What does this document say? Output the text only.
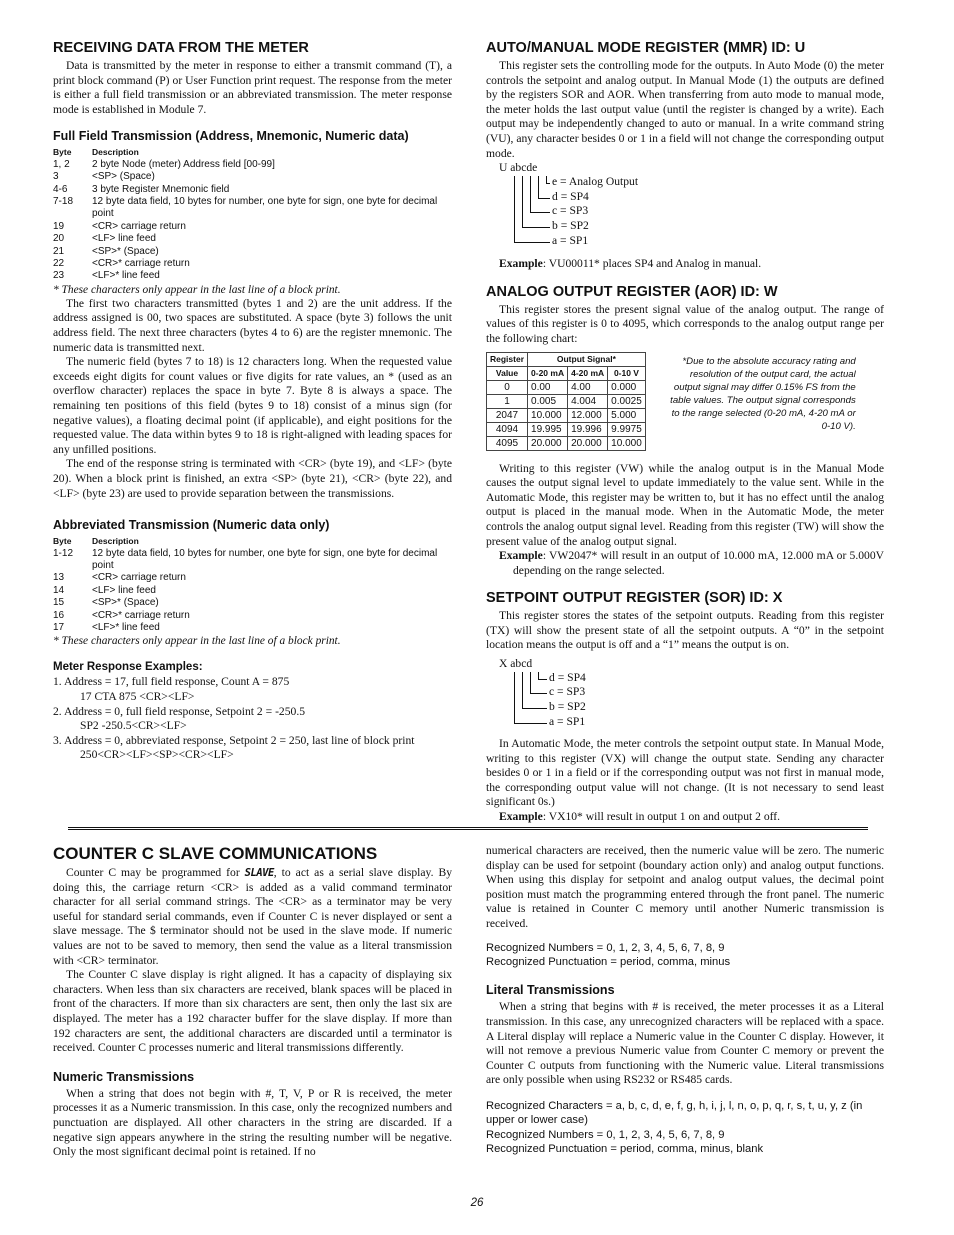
RECEIVING DATA FROM THE METER

Data is transmitted by the meter in response to either a transmit command (T), a print block command (P) or User Function print request. The response from the meter is either a full field transmission or an abbreviated transmission. The meter response mode is established in Module 7.

Full Field Transmission (Address, Mnemonic, Numeric data)
Byte	Description
1, 2	2 byte Node (meter) Address field [00-99]
3	<SP> (Space)
4-6	3 byte Register Mnemonic field
7-18	12 byte data field, 10 bytes for number, one byte for sign, one byte for decimal point
19	<CR> carriage return
20	<LF> line feed
21	<SP>* (Space)
22	<CR>* carriage return
23	<LF>* line feed

* These characters only appear in the last line of a block print.

The first two characters transmitted (bytes 1 and 2) are the unit address. If the address assigned is 00, two spaces are substituted. A space (byte 3) follows the unit address field. The next three characters (bytes 4 to 6) are the register mnemonic. The numeric data is transmitted next.

The numeric field (bytes 7 to 18) is 12 characters long. When the requested value exceeds eight digits for count values or five digits for rate values, an * (used as an overflow character) replaces the space in byte 7. Byte 8 is always a space. The remaining ten positions of this field (bytes 9 to 18) consist of a minus sign (for negative values), a floating decimal point (if applicable), and eight positions for the requested value. The data within bytes 9 to 18 is right-aligned with leading spaces for any unfilled positions.

The end of the response string is terminated with <CR> (byte 19), and <LF> (byte 20). When a block print is finished, an extra <SP> (byte 21), <CR> (byte 22), and <LF> (byte 23) are used to provide separation between the transmissions.

Abbreviated Transmission (Numeric data only)
Byte	Description
1-12	12 byte data field, 10 bytes for number, one byte for sign, one byte for decimal point
13	<CR> carriage return
14	<LF> line feed
15	<SP>* (Space)
16	<CR>* carriage return
17	<LF>* line feed

* These characters only appear in the last line of a block print.

Meter Response Examples:
1. Address = 17, full field response, Count A = 875
17 CTA 875 <CR><LF>
2. Address = 0, full field response, Setpoint 2 = -250.5
SP2 -250.5<CR><LF>
3. Address = 0, abbreviated response, Setpoint 2 = 250, last line of block print
250<CR><LF><SP><CR><LF>
AUTO/MANUAL MODE REGISTER (MMR) ID: U

This register sets the controlling mode for the outputs. In Auto Mode (0) the meter controls the setpoint and analog output. In Manual Mode (1) the outputs are defined by the registers SOR and AOR. When transferring from auto mode to manual mode, the meter holds the last output value (until the register is changed by a write). Each output may be independently changed to auto or manual. In a write command string (VU), any character besides 0 or 1 in a field will not change the corresponding output mode.

U abcde
e = Analog Output
d = SP4
c = SP3
b = SP2
a = SP1

Example: VU00011* places SP4 and Analog in manual.

ANALOG OUTPUT REGISTER (AOR) ID: W

This register stores the present signal value of the analog output. The range of values of this register is 0 to 4095, which corresponds to the analog output range per the following chart:

Register	Output Signal*		
Value	0-20 mA	4-20 mA	0-10 V
0	0.00	4.00	0.000
1	0.005	4.004	0.0025
2047	10.000	12.000	5.000
4094	19.995	19.996	9.9975
4095	20.000	20.000	10.000
*Due to the absolute accuracy rating and resolution of the output card, the actual output signal may differ 0.15% FS from the table values. The output signal corresponds to the range selected (0-20 mA, 4-20 mA or 0-10 V).

Writing to this register (VW) while the analog output is in the Manual Mode causes the output signal level to update immediately to the value sent. While in the Automatic Mode, this register may be written to, but it has no effect until the analog output is placed in the manual mode. When in the Automatic Mode, the meter controls the analog output signal level. Reading from this register (TW) will show the present value of the analog output signal.

Example: VW2047* will result in an output of 10.000 mA, 12.000 mA or 5.000V depending on the range selected.

SETPOINT OUTPUT REGISTER (SOR) ID: X

This register stores the states of the setpoint outputs. Reading from this register (TX) will show the present state of all the setpoint outputs. A “0” in the setpoint location means the output is off and a “1” means the output is on.

X abcd
d = SP4
c = SP3
b = SP2
a = SP1

In Automatic Mode, the meter controls the setpoint output state. In Manual Mode, writing to this register (VX) will change the output state. Sending any character besides 0 or 1 in a field or if the corresponding output was not first in manual mode, the corresponding output value will not change. (It is not necessary to send least significant 0s.)

Example: VX10* will result in output 1 on and output 2 off.

COUNTER C SLAVE COMMUNICATIONS

Counter C may be programmed for SLAVE, to act as a serial slave display. By doing this, the carriage return <CR> is added as a valid command terminator character for all serial command strings. The <CR> as a terminator may be very useful for standard serial commands, even if Counter C is never displayed or sent a slave message. The $ terminator should not be used in the slave mode. If numeric values are not to be saved to memory, then send the value as a literal transmission with <CR> terminator.

The Counter C slave display is right aligned. It has a capacity of displaying six characters. When less than six characters are received, blank spaces will be placed in front of the characters. If more than six characters are sent, then only the last six are displayed. The meter has a 192 character buffer for the slave display. If more than 192 characters are sent, the additional characters are discarded until a terminator is received. Counter C processes numeric and literal transmissions differently.

Numeric Transmissions

When a string that does not begin with #, T, V, P or R is received, the meter processes it as a Numeric transmission. In this case, only the recognized numbers and punctuation are displayed. All other characters in the string are discarded. If a negative sign appears anywhere in the string the resulting number will be negative. Only the most significant decimal point is retained. If no

numerical characters are received, then the numeric value will be zero. The numeric display can be used for setpoint (boundary action only) and analog output functions. When using this display for setpoint and analog output values, the decimal point position must match the programming entered through the front panel. The numeric value is retained in Counter C memory until another Numeric transmission is received.

Recognized Numbers = 0, 1, 2, 3, 4, 5, 6, 7, 8, 9
Recognized Punctuation = period, comma, minus
Literal Transmissions

When a string that begins with # is received, the meter processes it as a Literal transmission. In this case, any unrecognized characters will be replaced with a space. A Literal display will replace a Numeric value in the Counter C display. However, it will not remove a previous Numeric value from Counter C memory or prevent the Counter C outputs from functioning with the Numeric value. Literal transmissions are only possible when using RS232 or RS485 cards.

Recognized Characters = a, b, c, d, e, f, g, h, i, j, l, n, o, p, q, r, s, t, u, y, z (in upper or lower case)
Recognized Numbers = 0, 1, 2, 3, 4, 5, 6, 7, 8, 9
Recognized Punctuation = period, comma, minus, blank
26
